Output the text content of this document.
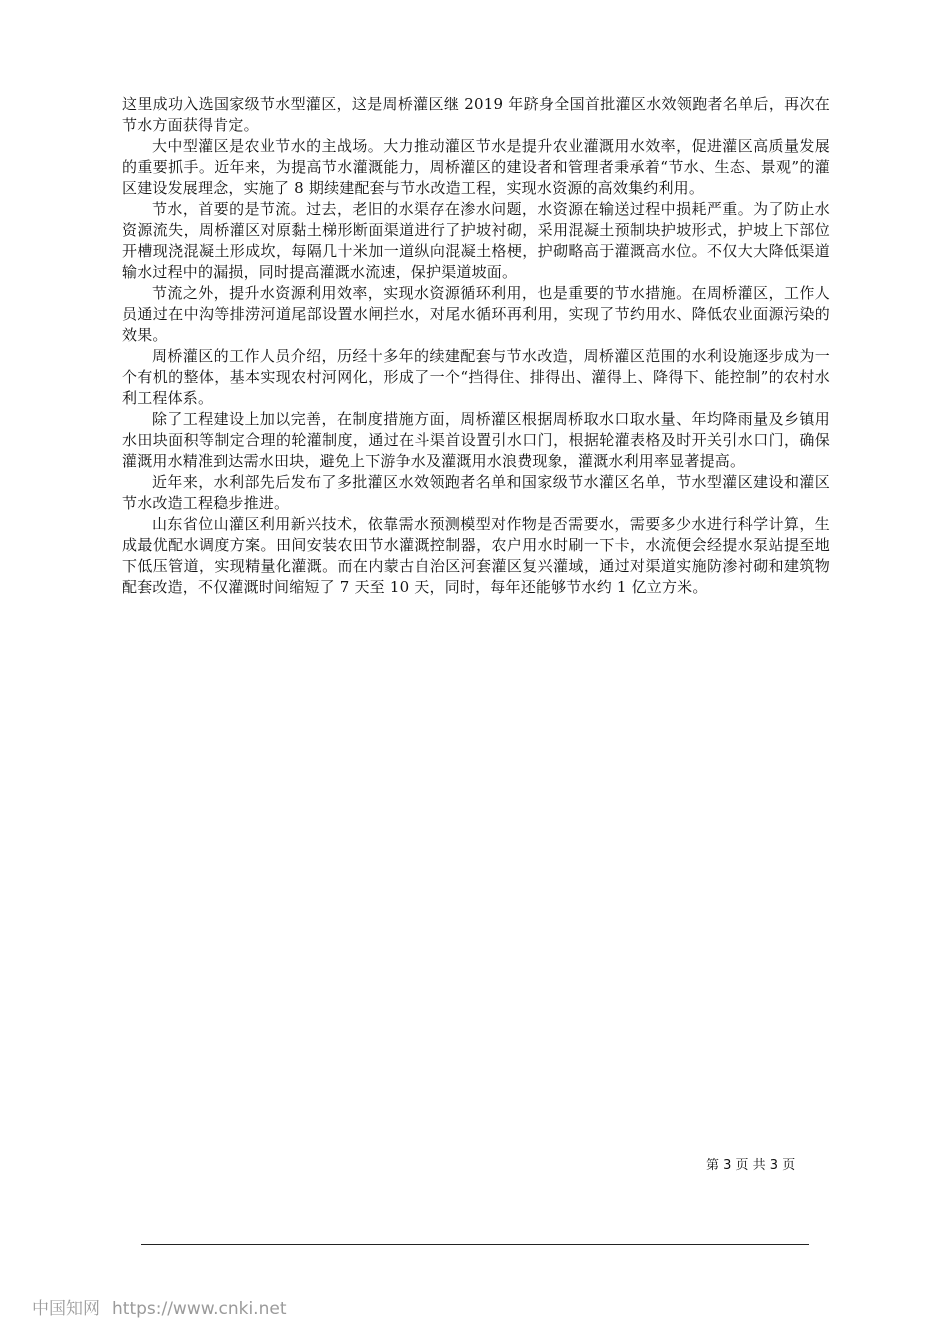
这里成功入选国家级节水型灌区，这是周桥灌区继 2019 年跻身全国首批灌区水效领跑者名单后，再次在节水方面获得肯定。

大中型灌区是农业节水的主战场。大力推动灌区节水是提升农业灌溉用水效率，促进灌区高质量发展的重要抓手。近年来，为提高节水灌溉能力，周桥灌区的建设者和管理者秉承着“节水、生态、景观”的灌区建设发展理念，实施了 8 期续建配套与节水改造工程，实现水资源的高效集约利用。

节水，首要的是节流。过去，老旧的水渠存在渗水问题，水资源在输送过程中损耗严重。为了防止水资源流失，周桥灌区对原黏土梯形断面渠道进行了护坡衬砌，采用混凝土预制块护坡形式，护坡上下部位开槽现浇混凝土形成坎，每隔几十米加一道纵向混凝土格梗，护砌略高于灌溉高水位。不仅大大降低渠道输水过程中的漏损，同时提高灌溉水流速，保护渠道坡面。

节流之外，提升水资源利用效率，实现水资源循环利用，也是重要的节水措施。在周桥灌区，工作人员通过在中沟等排涝河道尾部设置水闸拦水，对尾水循环再利用，实现了节约用水、降低农业面源污染的效果。

周桥灌区的工作人员介绍，历经十多年的续建配套与节水改造，周桥灌区范围的水利设施逐步成为一个有机的整体，基本实现农村河网化，形成了一个“挡得住、排得出、灌得上、降得下、能控制”的农村水利工程体系。

除了工程建设上加以完善，在制度措施方面，周桥灌区根据周桥取水口取水量、年均降雨量及乡镇用水田块面积等制定合理的轮灌制度，通过在斗渠首设置引水口门，根据轮灌表格及时开关引水口门，确保灌溉用水精准到达需水田块，避免上下游争水及灌溉用水浪费现象，灌溉水利用率显著提高。

近年来，水利部先后发布了多批灌区水效领跑者名单和国家级节水灌区名单，节水型灌区建设和灌区节水改造工程稳步推进。

山东省位山灌区利用新兴技术，依靠需水预测模型对作物是否需要水，需要多少水进行科学计算，生成最优配水调度方案。田间安装农田节水灌溉控制器，农户用水时刷一下卡，水流便会经提水泵站提至地下低压管道，实现精量化灌溉。而在内蒙古自治区河套灌区复兴灌域，通过对渠道实施防渗衬砌和建筑物配套改造，不仅灌溉时间缩短了 7 天至 10 天，同时，每年还能够节水约 1 亿立方米。

第 3 页 共 3 页
中国知网 https://www.cnki.net
